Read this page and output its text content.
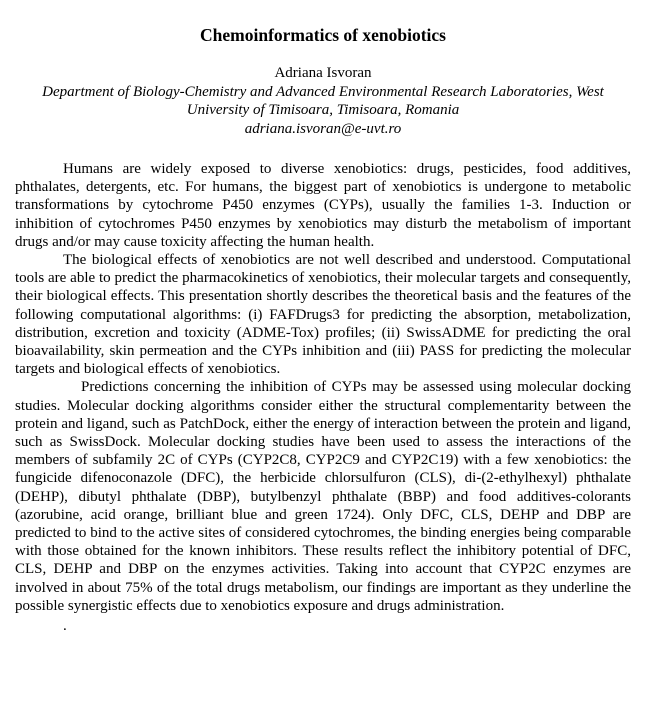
Chemoinformatics of xenobiotics
Adriana Isvoran
Department of Biology-Chemistry and Advanced Environmental Research Laboratories, West
University of Timisoara, Timisoara, Romania
adriana.isvoran@e-uvt.ro

Humans are widely exposed to diverse xenobiotics: drugs, pesticides, food additives, phthalates, detergents, etc. For humans, the biggest part of xenobiotics is undergone to metabolic transformations by cytochrome P450 enzymes (CYPs), usually the families 1-3. Induction or inhibition of cytochromes P450 enzymes by xenobiotics may disturb the metabolism of important drugs and/or may cause toxicity affecting the human health.

The biological effects of xenobiotics are not well described and understood. Computational tools are able to predict the pharmacokinetics of xenobiotics, their molecular targets and consequently, their biological effects. This presentation shortly describes the theoretical basis and the features of the following computational algorithms: (i) FAFDrugs3 for predicting the absorption, metabolization, distribution, excretion and toxicity (ADME-Tox) profiles; (ii) SwissADME for predicting the oral bioavailability, skin permeation and the CYPs inhibition and (iii) PASS for predicting the molecular targets and biological effects of xenobiotics.

Predictions concerning the inhibition of CYPs may be assessed using molecular docking studies. Molecular docking algorithms consider either the structural complementarity between the protein and ligand, such as PatchDock, either the energy of interaction between the protein and ligand, such as SwissDock. Molecular docking studies have been used to assess the interactions of the members of subfamily 2C of CYPs (CYP2C8, CYP2C9 and CYP2C19) with a few xenobiotics: the fungicide difenoconazole (DFC), the herbicide chlorsulfuron (CLS), di-(2-ethylhexyl) phthalate (DEHP), dibutyl phthalate (DBP), butylbenzyl phthalate (BBP) and food additives-colorants (azorubine, acid orange, brilliant blue and green 1724). Only DFC, CLS, DEHP and DBP are predicted to bind to the active sites of considered cytochromes, the binding energies being comparable with those obtained for the known inhibitors. These results reflect the inhibitory potential of DFC, CLS, DEHP and DBP on the enzymes activities. Taking into account that CYP2C enzymes are involved in about 75% of the total drugs metabolism, our findings are important as they underline the possible synergistic effects due to xenobiotics exposure and drugs administration.

.
